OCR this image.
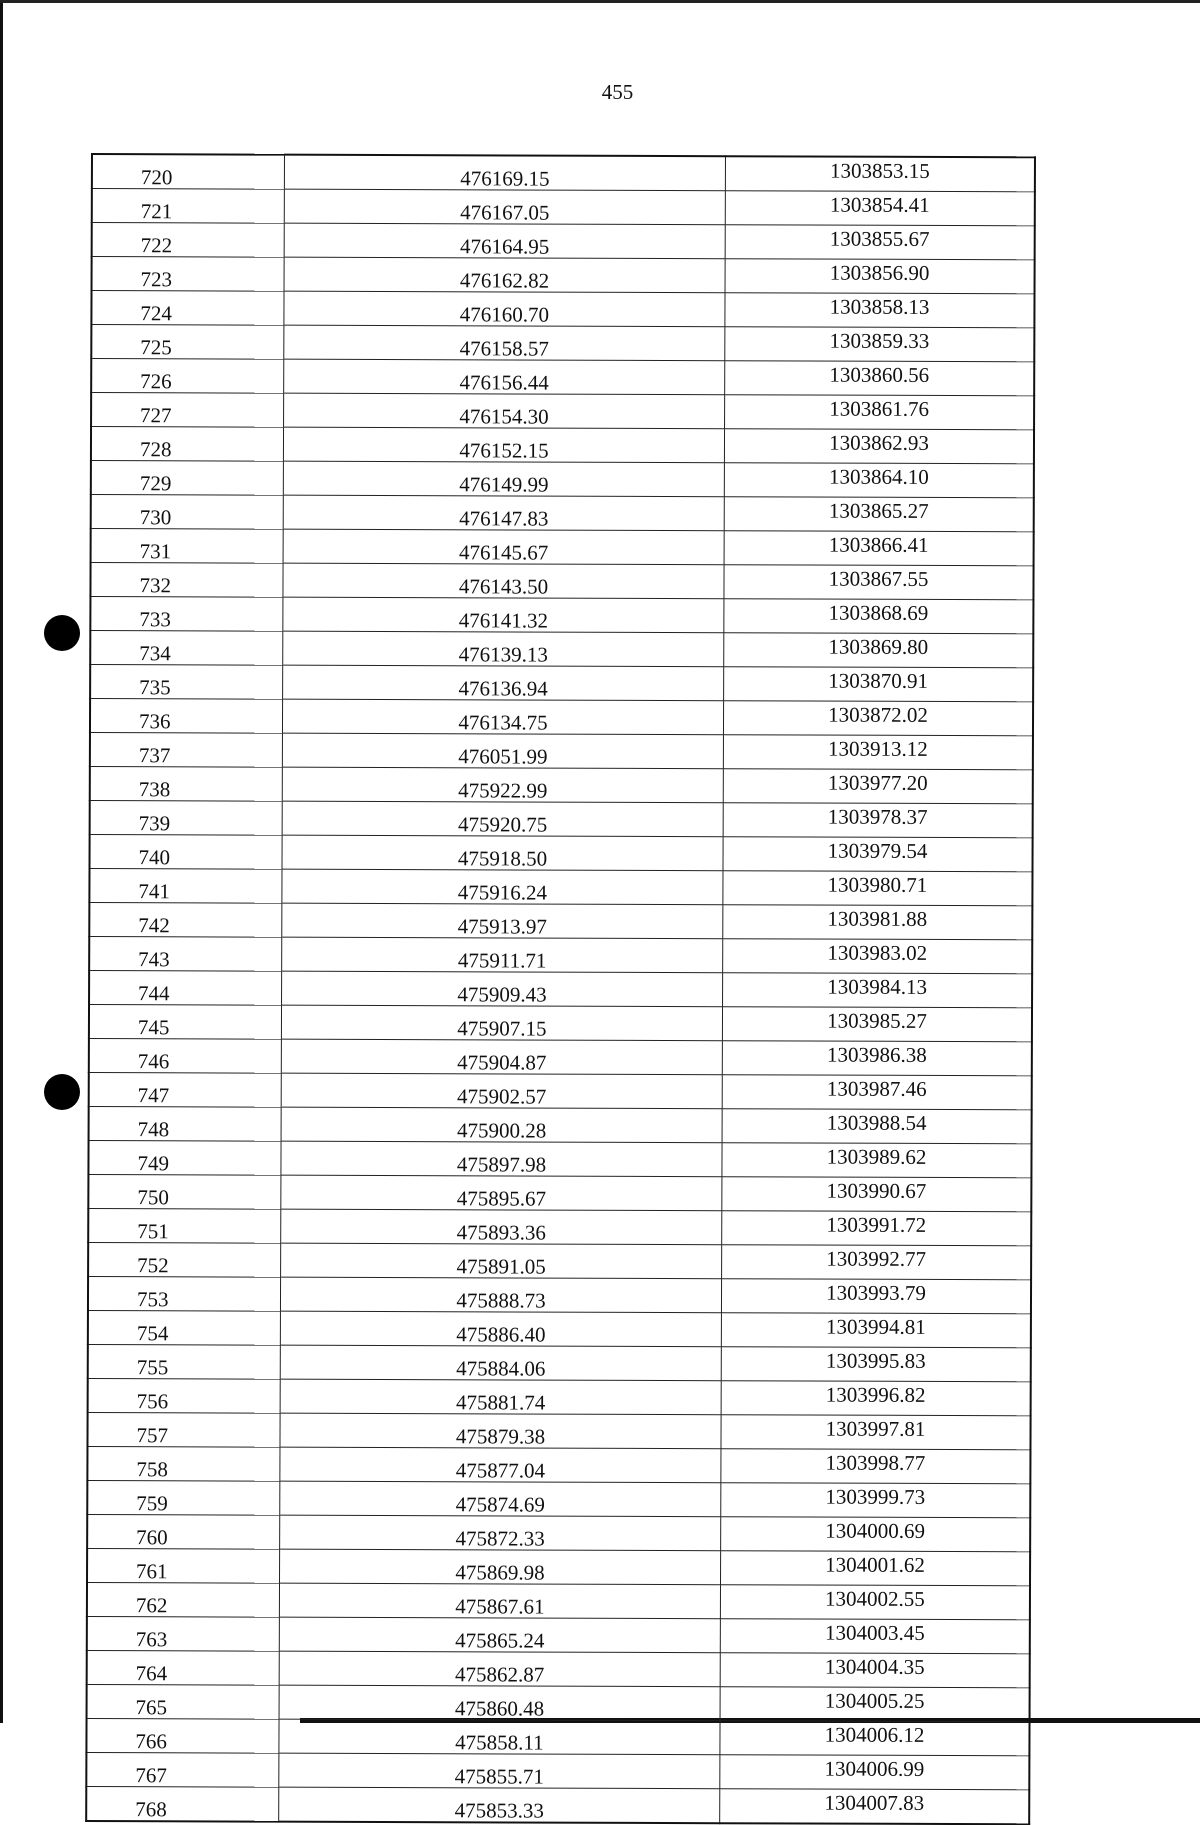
455
720	476169.15	1303853.15
721	476167.05	1303854.41
722	476164.95	1303855.67
723	476162.82	1303856.90
724	476160.70	1303858.13
725	476158.57	1303859.33
726	476156.44	1303860.56
727	476154.30	1303861.76
728	476152.15	1303862.93
729	476149.99	1303864.10
730	476147.83	1303865.27
731	476145.67	1303866.41
732	476143.50	1303867.55
733	476141.32	1303868.69
734	476139.13	1303869.80
735	476136.94	1303870.91
736	476134.75	1303872.02
737	476051.99	1303913.12
738	475922.99	1303977.20
739	475920.75	1303978.37
740	475918.50	1303979.54
741	475916.24	1303980.71
742	475913.97	1303981.88
743	475911.71	1303983.02
744	475909.43	1303984.13
745	475907.15	1303985.27
746	475904.87	1303986.38
747	475902.57	1303987.46
748	475900.28	1303988.54
749	475897.98	1303989.62
750	475895.67	1303990.67
751	475893.36	1303991.72
752	475891.05	1303992.77
753	475888.73	1303993.79
754	475886.40	1303994.81
755	475884.06	1303995.83
756	475881.74	1303996.82
757	475879.38	1303997.81
758	475877.04	1303998.77
759	475874.69	1303999.73
760	475872.33	1304000.69
761	475869.98	1304001.62
762	475867.61	1304002.55
763	475865.24	1304003.45
764	475862.87	1304004.35
765	475860.48	1304005.25
766	475858.11	1304006.12
767	475855.71	1304006.99
768	475853.33	1304007.83
